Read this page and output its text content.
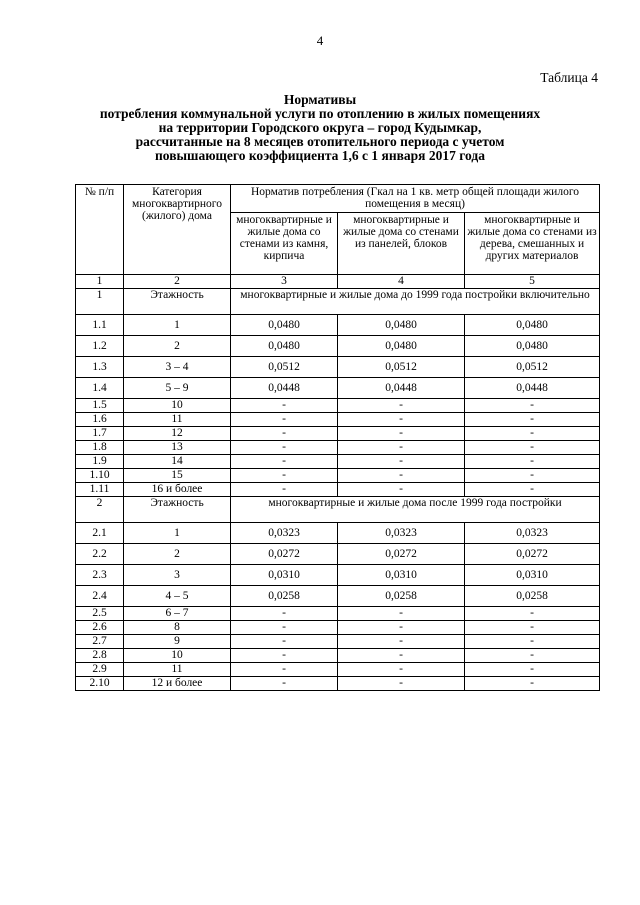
4
Таблица 4
Нормативы
потребления коммунальной услуги по отоплению в жилых помещениях
на территории Городского округа – город Кудымкар,
рассчитанные на 8 месяцев отопительного периода с учетом
повышающего коэффициента 1,6 с 1 января 2017 года
№ п/п	Категория многоквартирного (жилого) дома	Норматив потребления (Гкал на 1 кв. метр общей площади жилого помещения в месяц)		
		многоквартирные и жилые дома со стенами из камня, кирпича	многоквартирные и жилые дома со стенами из панелей, блоков	многоквартирные и жилые дома со стенами из дерева, смешанных и других материалов
1	2	3	4	5
1	Этажность	многоквартирные и жилые дома до 1999 года постройки включительно		
1.1	1	0,0480	0,0480	0,0480
1.2	2	0,0480	0,0480	0,0480
1.3	3 – 4	0,0512	0,0512	0,0512
1.4	5 – 9	0,0448	0,0448	0,0448
1.5	10	-	-	-
1.6	11	-	-	-
1.7	12	-	-	-
1.8	13	-	-	-
1.9	14	-	-	-
1.10	15	-	-	-
1.11	16 и более	-	-	-
2	Этажность	многоквартирные и жилые дома после 1999 года постройки		
2.1	1	0,0323	0,0323	0,0323
2.2	2	0,0272	0,0272	0,0272
2.3	3	0,0310	0,0310	0,0310
2.4	4 – 5	0,0258	0,0258	0,0258
2.5	6 – 7	-	-	-
2.6	8	-	-	-
2.7	9	-	-	-
2.8	10	-	-	-
2.9	11	-	-	-
2.10	12 и более	-	-	-
